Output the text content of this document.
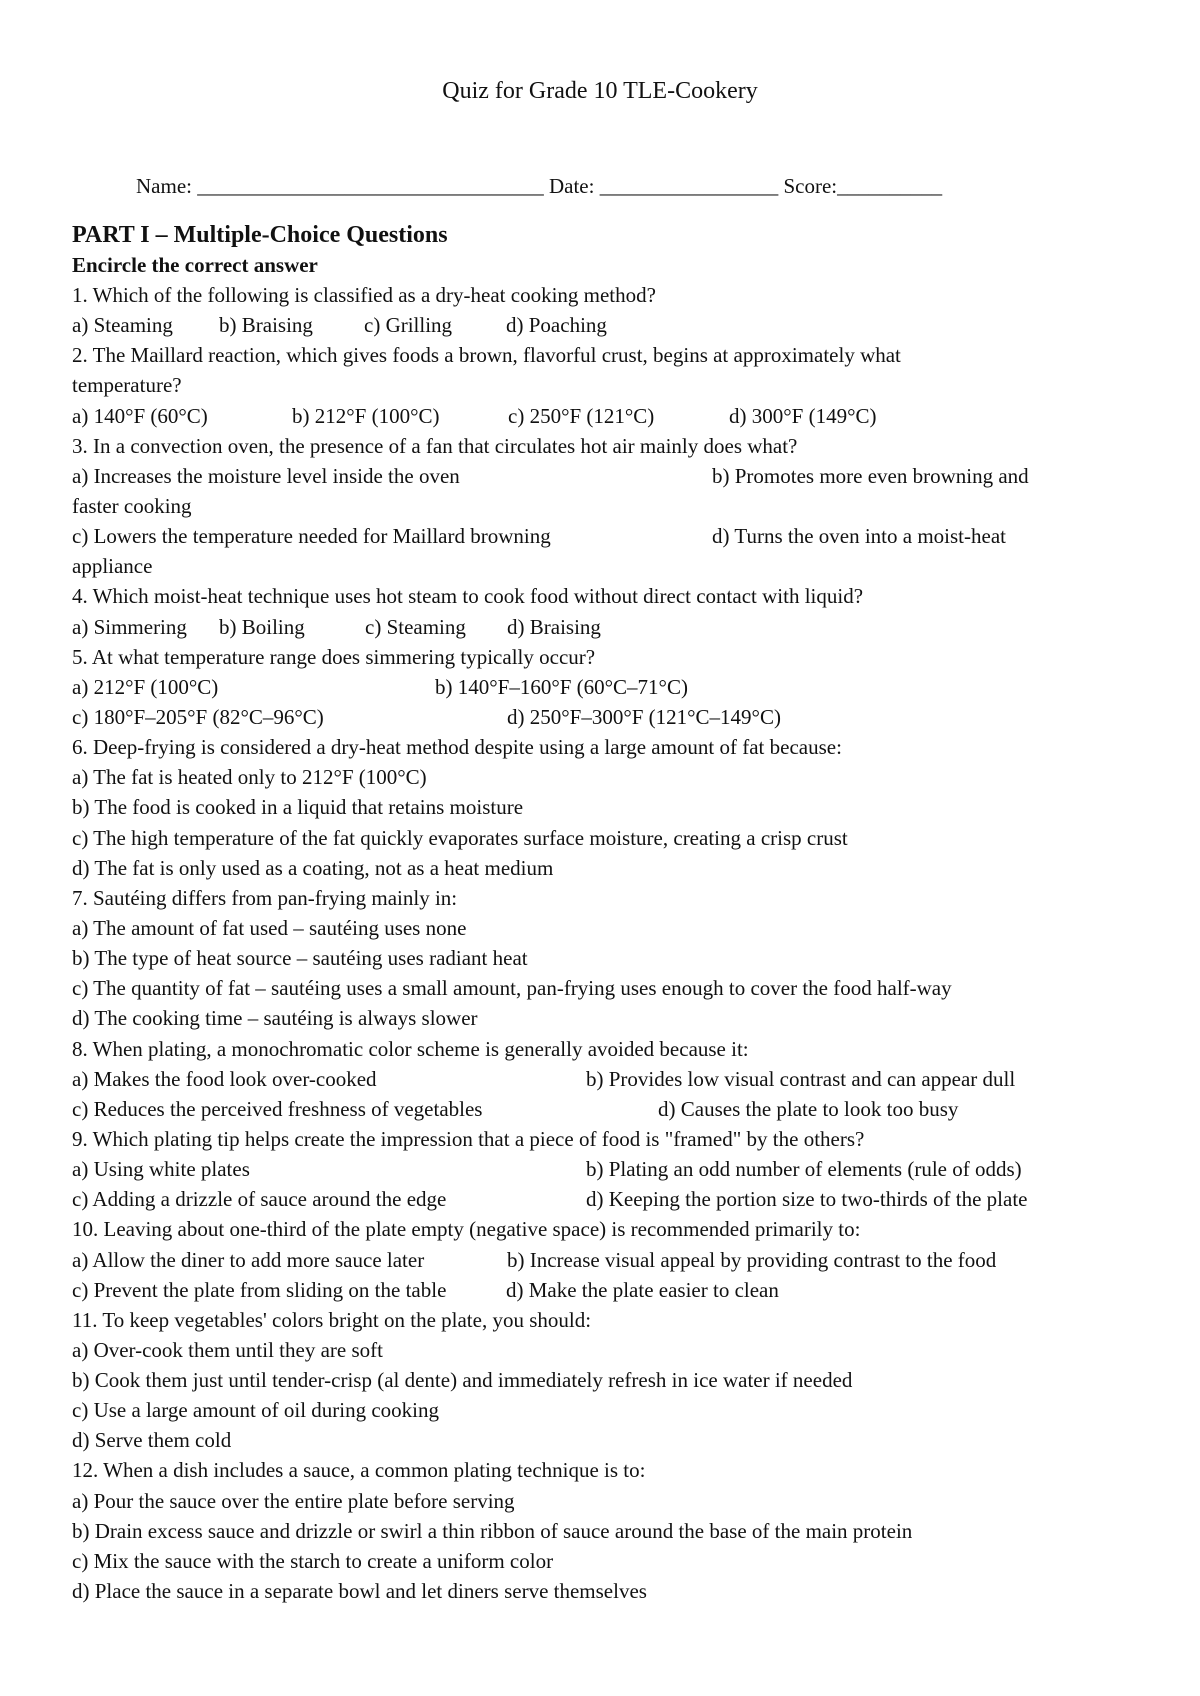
Quiz for Grade 10 TLE-Cookery
Name: _________________________________ Date: _________________ Score:__________
PART I – Multiple-Choice Questions
Encircle the correct answer
1. Which of the following is classified as a dry-heat cooking method?
a) Steaming b) Braising c) Grilling	d) Poaching
2. The Maillard reaction, which gives foods a brown, flavorful crust, begins at approximately what
temperature?
a) 140°F (60°C)	b) 212°F (100°C)	c) 250°F (121°C)	d) 300°F (149°C)
3. In a convection oven, the presence of a fan that circulates hot air mainly does what?
a) Increases the moisture level inside the oven	b) Promotes more even browning and
faster cooking
c) Lowers the temperature needed for Maillard browning	d) Turns the oven into a moist-heat
appliance
4. Which moist-heat technique uses hot steam to cook food without direct contact with liquid?
a) Simmering b) Boiling	c) Steaming d) Braising
5. At what temperature range does simmering typically occur?
a) 212°F (100°C)	b) 140°F–160°F (60°C–71°C)
c) 180°F–205°F (82°C–96°C)	d) 250°F–300°F (121°C–149°C)
6. Deep-frying is considered a dry-heat method despite using a large amount of fat because:
a) The fat is heated only to 212°F (100°C)
b) The food is cooked in a liquid that retains moisture
c) The high temperature of the fat quickly evaporates surface moisture, creating a crisp crust
d) The fat is only used as a coating, not as a heat medium
7. Sautéing differs from pan-frying mainly in:
a) The amount of fat used – sautéing uses none
b) The type of heat source – sautéing uses radiant heat
c) The quantity of fat – sautéing uses a small amount, pan-frying uses enough to cover the food half-way
d) The cooking time – sautéing is always slower
8. When plating, a monochromatic color scheme is generally avoided because it:
a) Makes the food look over-cooked	b) Provides low visual contrast and can appear dull
c) Reduces the perceived freshness of vegetables	d) Causes the plate to look too busy
9. Which plating tip helps create the impression that a piece of food is "framed" by the others?
a) Using white plates	b) Plating an odd number of elements (rule of odds)
c) Adding a drizzle of sauce around the edge	d) Keeping the portion size to two-thirds of the plate
10. Leaving about one-third of the plate empty (negative space) is recommended primarily to:
a) Allow the diner to add more sauce later	b) Increase visual appeal by providing contrast to the food
c) Prevent the plate from sliding on the table	d) Make the plate easier to clean
11. To keep vegetables' colors bright on the plate, you should:
a) Over-cook them until they are soft
b) Cook them just until tender-crisp (al dente) and immediately refresh in ice water if needed
c) Use a large amount of oil during cooking
d) Serve them cold
12. When a dish includes a sauce, a common plating technique is to:
a) Pour the sauce over the entire plate before serving
b) Drain excess sauce and drizzle or swirl a thin ribbon of sauce around the base of the main protein
c) Mix the sauce with the starch to create a uniform color
d) Place the sauce in a separate bowl and let diners serve themselves
